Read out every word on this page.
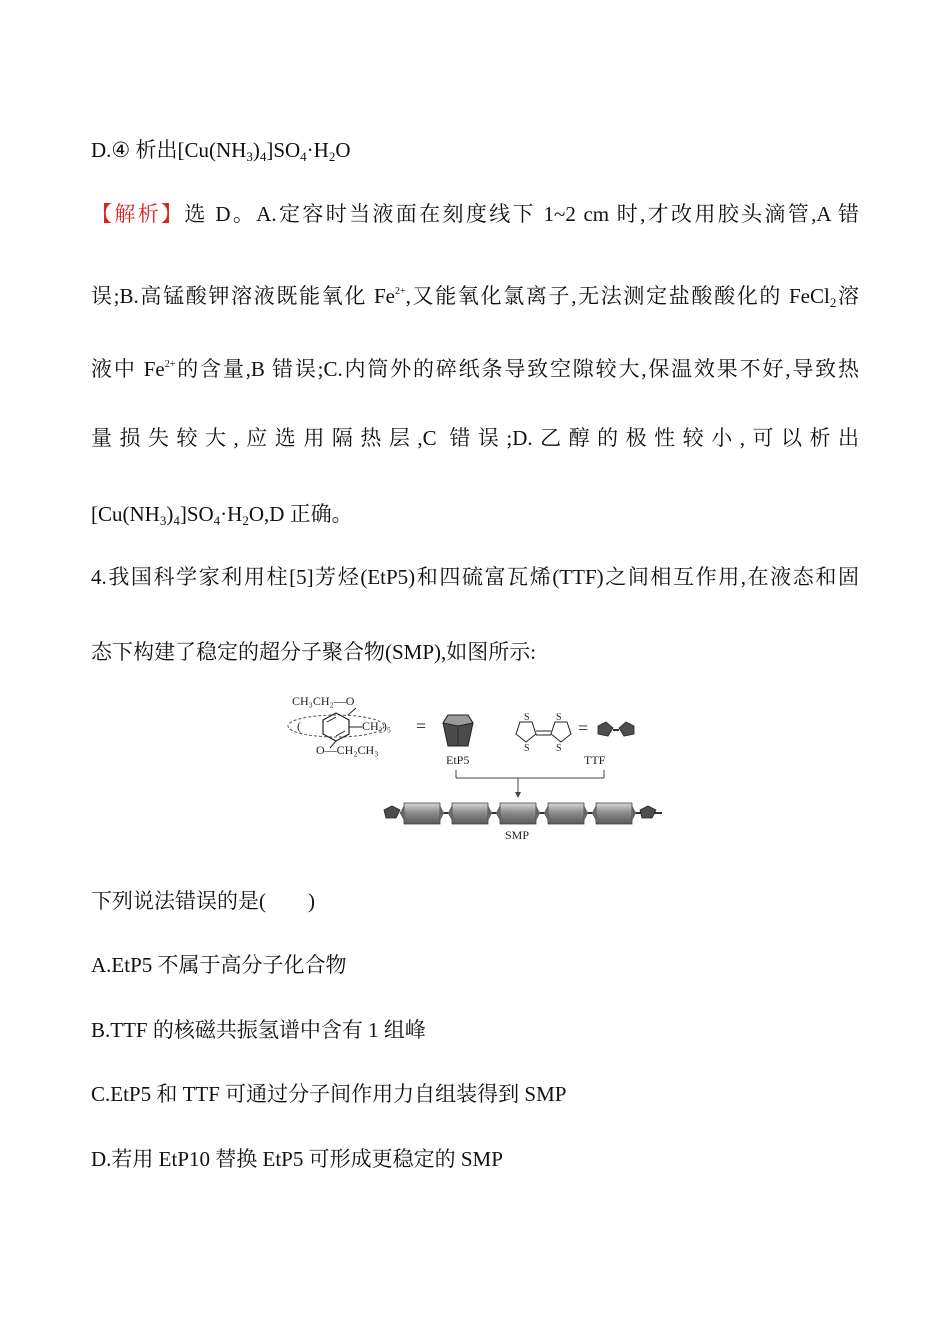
D.④ 析出$[Cu(NH_3)_4]SO_4\cdot H_2O$
【解析】选 D。A.定容时当液面在刻度线下 1~2 cm 时,才改用胶头滴管,A 错
误;B.高锰酸钾溶液既能氧化 $Fe^{2+}$,又能氧化氯离子,无法测定盐酸酸化的 FeCl$_2$溶
液中 $Fe^{2+}$的含量,B 错误;C.内筒外的碎纸条导致空隙较大,保温效果不好,导致热
量损失较大,应选用隔热层,C 错误;D.乙醇的极性较小,可以析出
$[Cu(NH_3)_4]SO_4\cdot H_2O,D$ 正确。
4.我国科学家利用柱[5]芳烃(EtP5)和四硫富瓦烯(TTF)之间相互作用,在液态和固
态下构建了稳定的超分子聚合物(SMP),如图所示:
CH₃CH₂—O
(	CH₂)₅
O—CH₂CH₃
=
EtP5
S
S
S
S
=
TTF
SMP
下列说法错误的是(　　)
A.EtP5 不属于高分子化合物
B.TTF 的核磁共振氢谱中含有 1 组峰
C.EtP5 和 TTF 可通过分子间作用力自组装得到 SMP
D.若用 EtP10 替换 EtP5 可形成更稳定的 SMP
